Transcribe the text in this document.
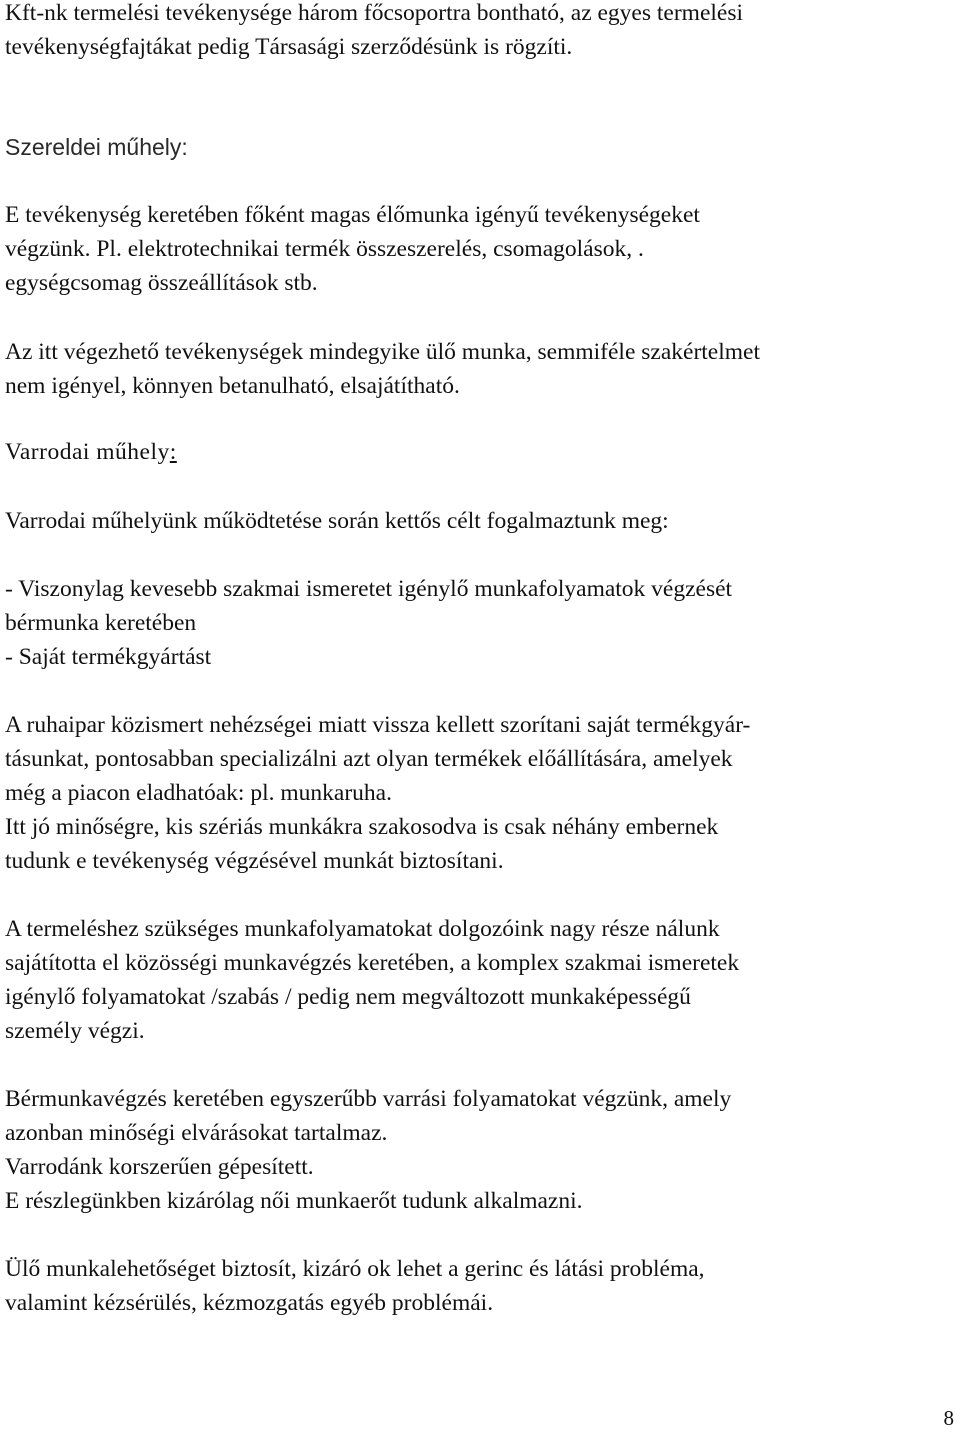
Kft-nk termelési tevékenysége három főcsoportra bontható, az egyes termelési
tevékenységfajtákat pedig Társasági szerződésünk is rögzíti.

Szereldei műhely:

E tevékenység keretében főként magas élőmunka igényű tevékenységeket
végzünk. Pl. elektrotechnikai termék összeszerelés, csomagolások, .
egységcsomag összeállítások stb.

Az itt végezhető tevékenységek mindegyike ülő munka, semmiféle szakértelmet
nem igényel, könnyen betanulható, elsajátítható.

Varrodai műhely:

Varrodai műhelyünk működtetése során kettős célt fogalmaztunk meg:

- Viszonylag kevesebb szakmai ismeretet igénylő munkafolyamatok végzését
bérmunka keretében
- Saját termékgyártást

A ruhaipar közismert nehézségei miatt vissza kellett szorítani saját termékgyár-
tásunkat, pontosabban specializálni azt olyan termékek előállítására, amelyek
még a piacon eladhatóak: pl. munkaruha.
Itt jó minőségre, kis szériás munkákra szakosodva is csak néhány embernek
tudunk e tevékenység végzésével munkát biztosítani.

A termeléshez szükséges munkafolyamatokat dolgozóink nagy része nálunk
sajátította el közösségi munkavégzés keretében, a komplex szakmai ismeretek
igénylő folyamatokat /szabás / pedig nem megváltozott munkaképességű
személy végzi.

Bérmunkavégzés keretében egyszerűbb varrási folyamatokat végzünk, amely
azonban minőségi elvárásokat tartalmaz.
Varrodánk korszerűen gépesített.
E részlegünkben kizárólag női munkaerőt tudunk alkalmazni.

Ülő munkalehetőséget biztosít, kizáró ok lehet a gerinc és látási probléma,
valamint kézsérülés, kézmozgatás egyéb problémái.

8
